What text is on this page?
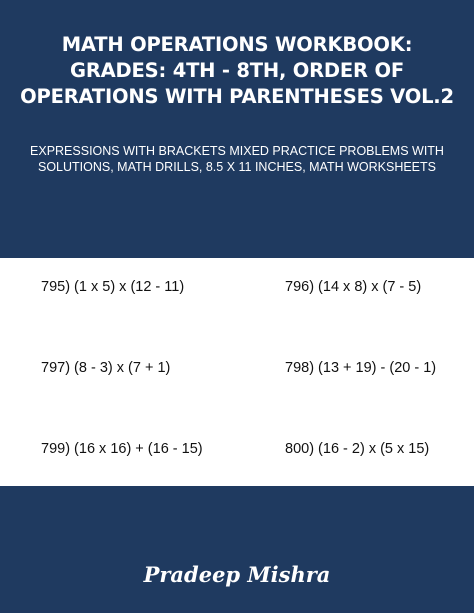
MATH OPERATIONS WORKBOOK: GRADES: 4TH - 8TH, ORDER OF OPERATIONS WITH PARENTHESES VOL.2

EXPRESSIONS WITH BRACKETS MIXED PRACTICE PROBLEMS WITH SOLUTIONS, MATH DRILLS, 8.5 X 11 INCHES, MATH WORKSHEETS

795) (1 x 5) x (12 - 11)	796) (14 x 8) x (7 - 5)
797) (8 - 3) x (7 + 1)	798) (13 + 19) - (20 - 1)
799) (16 x 16) + (16 - 15)	800) (16 - 2) x (5 x 15)
Pradeep Mishra
